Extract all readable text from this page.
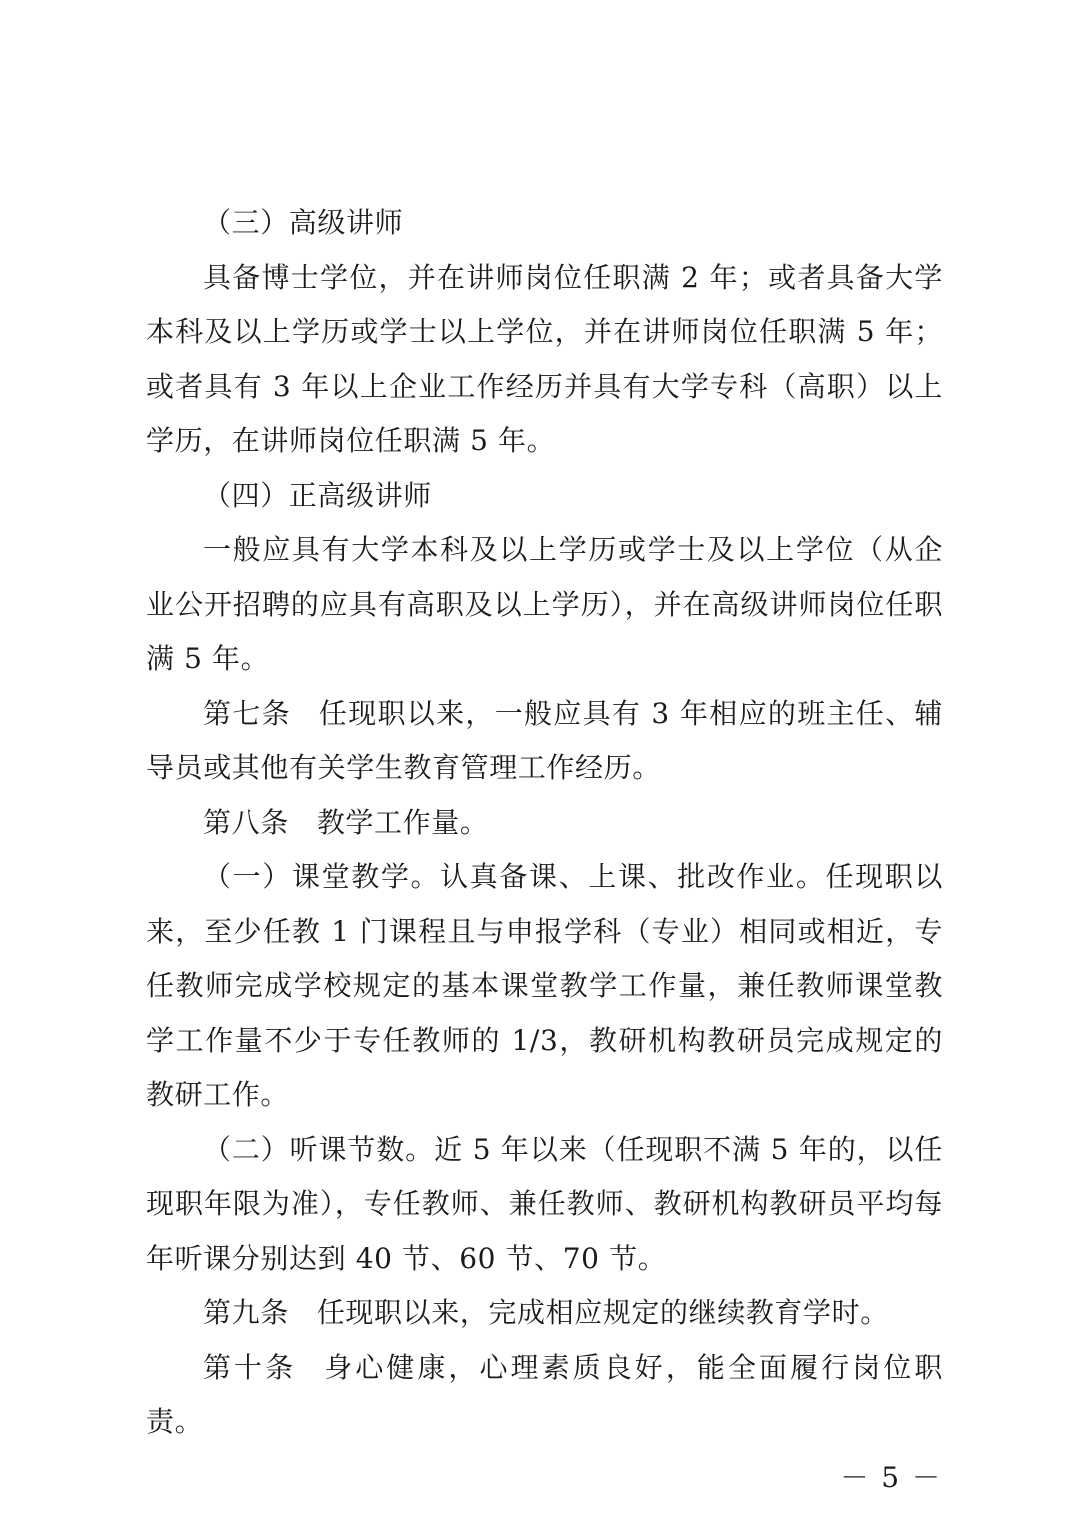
（三）高级讲师

具备博士学位，并在讲师岗位任职满 2 年；或者具备大学本科及以上学历或学士以上学位，并在讲师岗位任职满 5 年；或者具有 3 年以上企业工作经历并具有大学专科（高职）以上学历，在讲师岗位任职满 5 年。

（四）正高级讲师

一般应具有大学本科及以上学历或学士及以上学位（从企业公开招聘的应具有高职及以上学历），并在高级讲师岗位任职满 5 年。

第七条 任现职以来，一般应具有 3 年相应的班主任、辅导员或其他有关学生教育管理工作经历。

第八条 教学工作量。

（一）课堂教学。认真备课、上课、批改作业。任现职以来，至少任教 1 门课程且与申报学科（专业）相同或相近，专任教师完成学校规定的基本课堂教学工作量，兼任教师课堂教学工作量不少于专任教师的 1/3，教研机构教研员完成规定的教研工作。

（二）听课节数。近 5 年以来（任现职不满 5 年的，以任现职年限为准），专任教师、兼任教师、教研机构教研员平均每年听课分别达到 40 节、60 节、70 节。

第九条 任现职以来，完成相应规定的继续教育学时。

第十条 身心健康，心理素质良好，能全面履行岗位职责。

－ 5 －
